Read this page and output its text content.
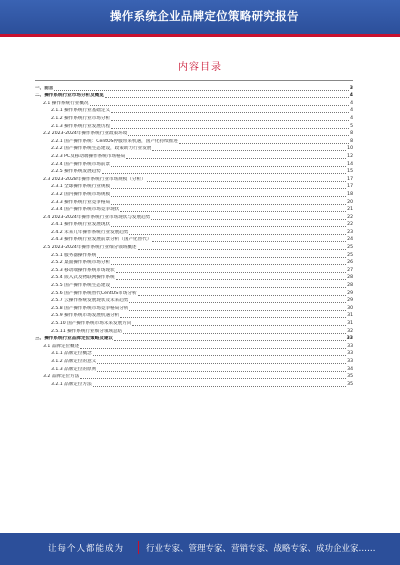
操作系统企业品牌定位策略研究报告
内容目录
一、前言	3
二、操作系统行业市场分析及概览	4
2.1 操作系统行业概况	4
2.1.1 操作系统行业基础定义	4
2.1.2 操作系统行业市场分析	4
2.1.3 操作系统行业发展历程	5
2.2 2023-2024年操作系统行业政策环境	8
2.2.1 国产操作系统：CentOS停服带来机遇，国产化持续推进	8
2.2.2 国产操作系统生态建设，政策助力行业发展	10
2.2.3 PC及移动端操作系统市场格局	12
2.2.4 国产操作系统市场前景	14
2.2.5 操作系统发展趋势	15
2.3 2023-2028年操作系统行业市场规模（分析）	17
2.3.1 全球操作系统行业规模	17
2.3.2 国内操作系统市场规模	18
2.3.3 操作系统行业竞争格局	20
2.3.4 国产操作系统市场竞争现状	21
2.4 2023-2024年操作系统行业市场现状与发展趋势	22
2.4.1 操作系统行业发展现状	22
2.4.2 未来几年操作系统行业发展趋势	23
2.4.3 操作系统行业发展前景分析（国产化替代）	24
2.5 2023-2024年操作系统行业细分领域概述	25
2.5.1 服务器操作系统	25
2.5.2 桌面操作系统市场分析	26
2.5.3 移动端操作系统市场现状	27
2.5.4 嵌入式及物联网操作系统	28
2.5.5 国产操作系统生态建设	28
2.5.6 国产操作系统替代CentOS市场分析	29
2.5.7 云操作系统发展现状及未来趋势	29
2.5.8 国产操作系统市场竞争格局分析	30
2.5.9 操作系统市场发展机遇分析	31
2.5.10 国产操作系统市场未来发展方向	31
2.5.11 操作系统行业细分领域总结	32
三、操作系统行业品牌定位策略及建议	33
3.1 品牌定位概述	33
3.1.1 品牌定位概念	33
3.1.2 品牌定位的意义	33
3.1.3 品牌定位的原则	34
3.2 品牌定位方法	35
3.2.1 品牌定位方法	35
让每个人都能成为	行业专家、管理专家、营销专家、战略专家、成功企业家……
